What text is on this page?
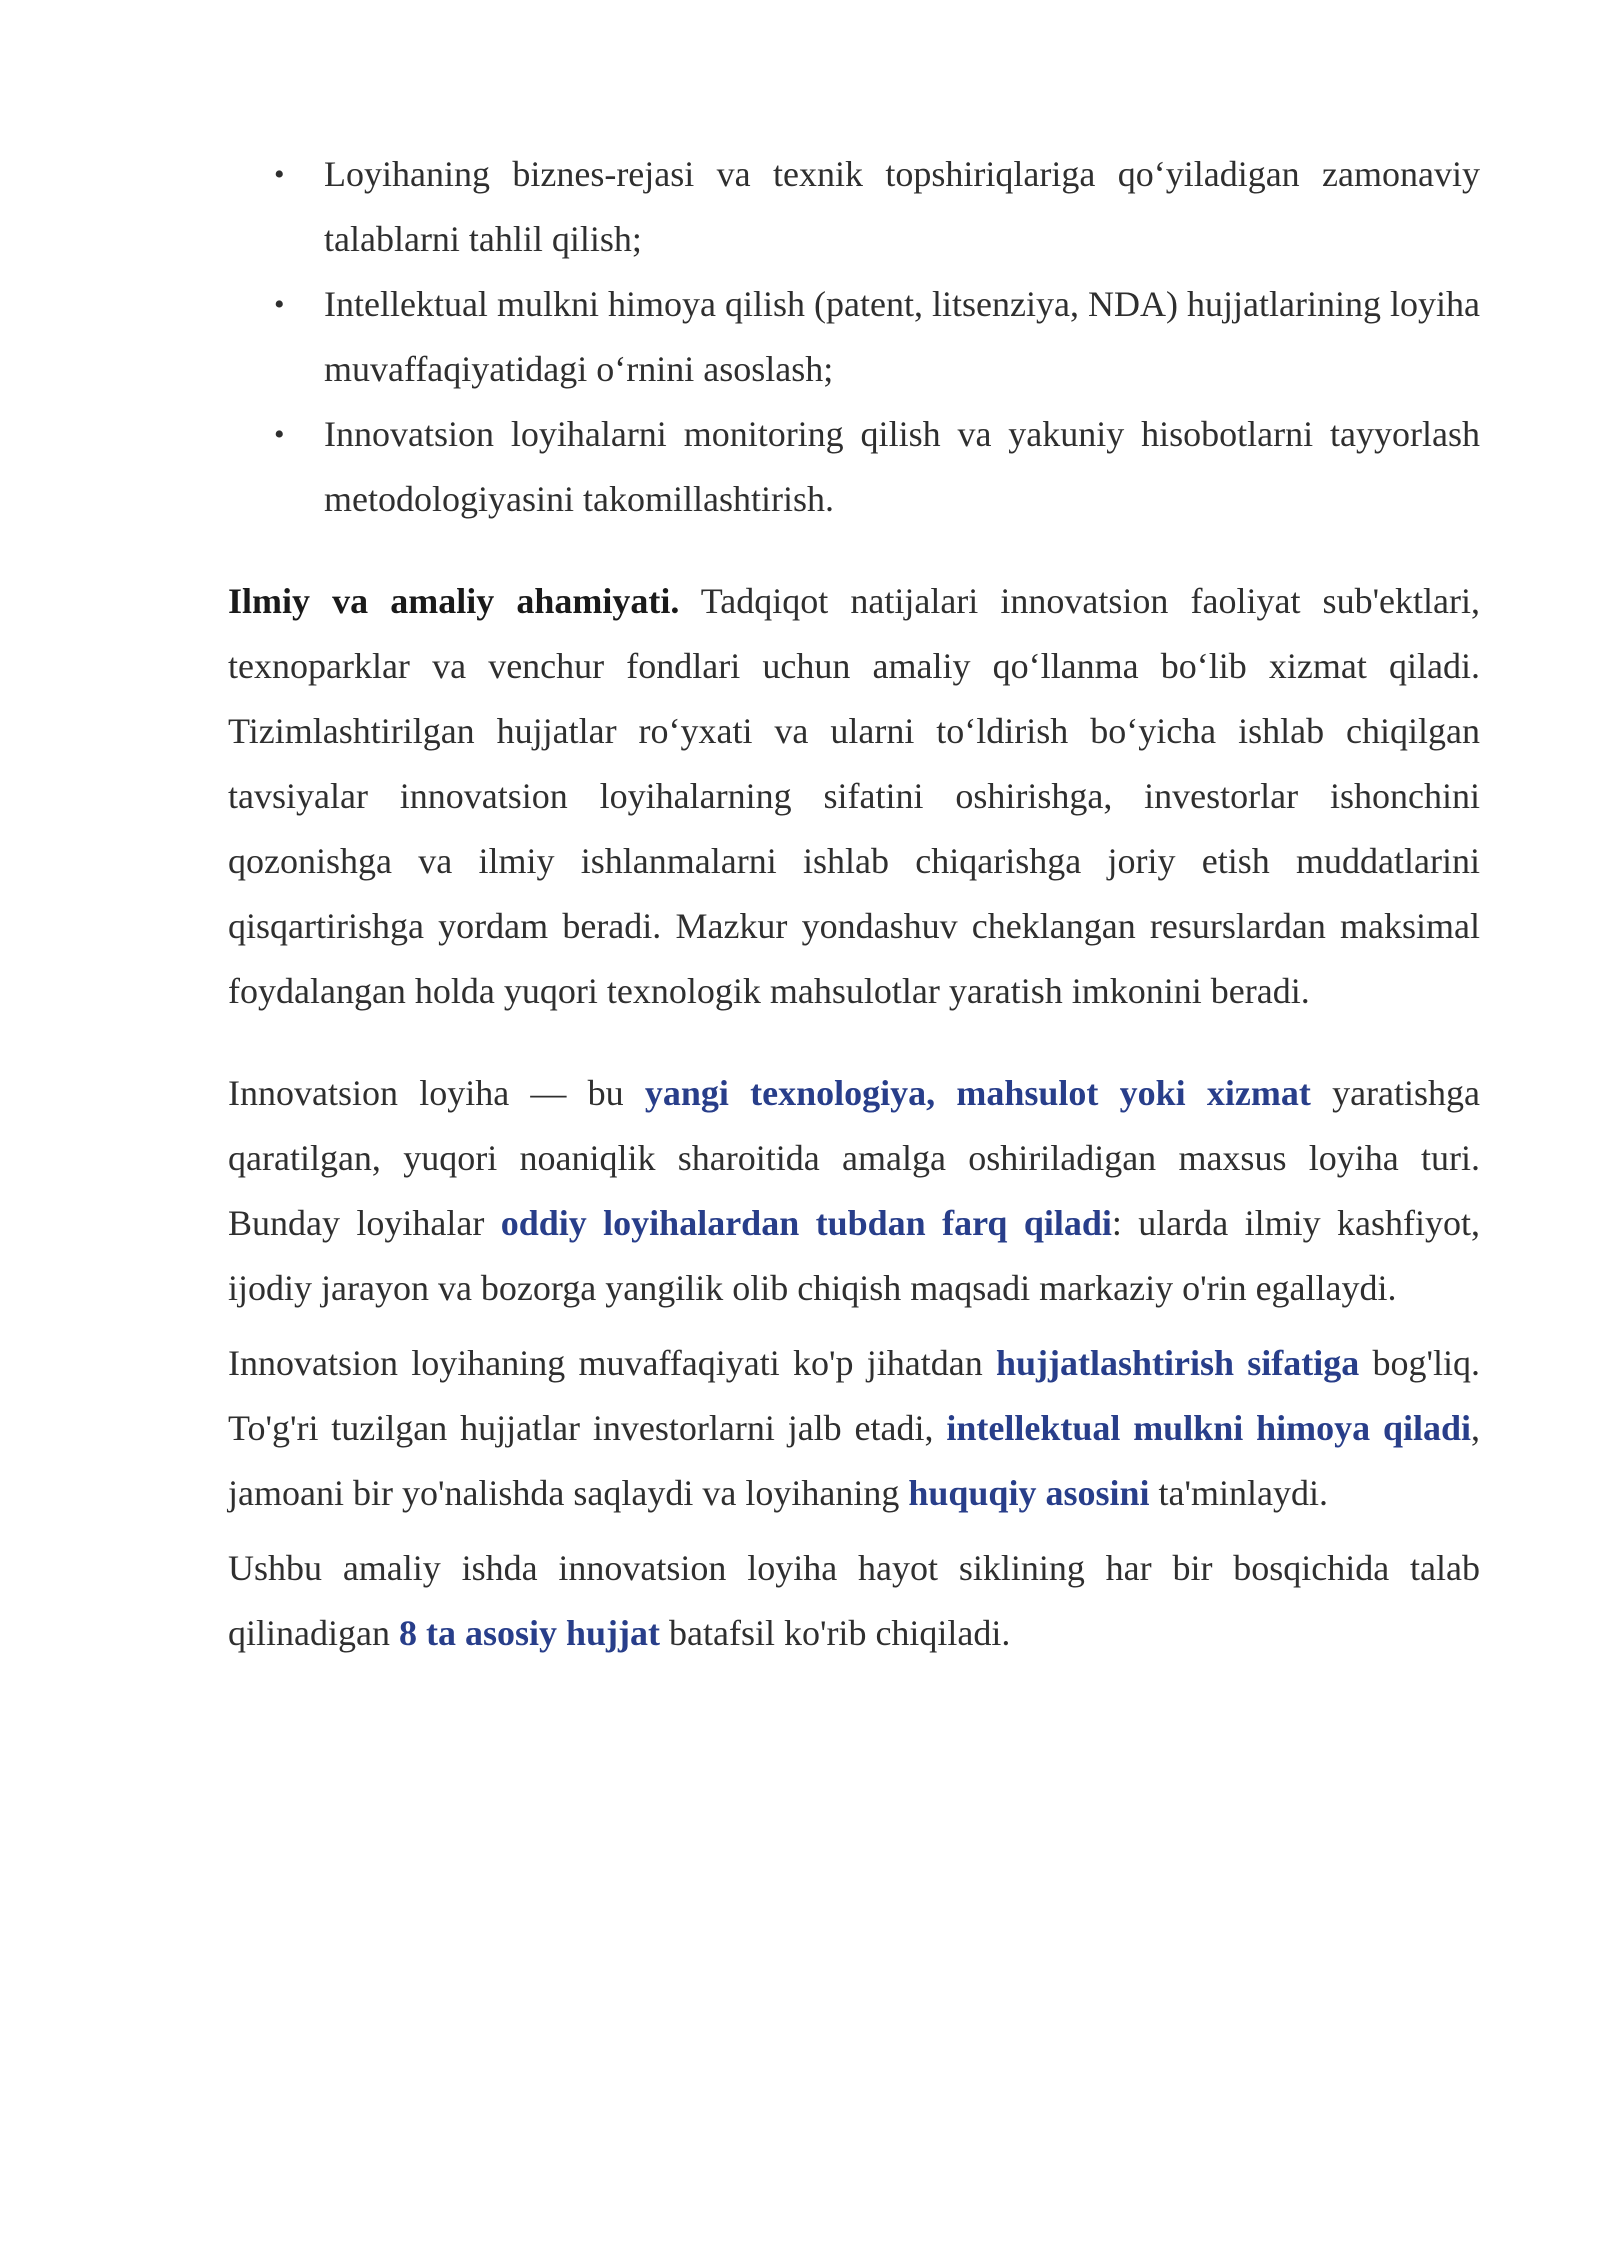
• Loyihaning biznes-rejasi va texnik topshiriqlariga qo‘yiladigan zamonaviy talablarni tahlil qilish;
• Intellektual mulkni himoya qilish (patent, litsenziya, NDA) hujjatlarining loyiha muvaffaqiyatidagi o‘rnini asoslash;
• Innovatsion loyihalarni monitoring qilish va yakuniy hisobotlarni tayyorlash metodologiyasini takomillashtirish.

Ilmiy va amaliy ahamiyati. Tadqiqot natijalari innovatsion faoliyat sub'ektlari, texnoparklar va venchur fondlari uchun amaliy qo‘llanma bo‘lib xizmat qiladi. Tizimlashtirilgan hujjatlar ro‘yxati va ularni to‘ldirish bo‘yicha ishlab chiqilgan tavsiyalar innovatsion loyihalarning sifatini oshirishga, investorlar ishonchini qozonishga va ilmiy ishlanmalarni ishlab chiqarishga joriy etish muddatlarini qisqartirishga yordam beradi. Mazkur yondashuv cheklangan resurslardan maksimal foydalangan holda yuqori texnologik mahsulotlar yaratish imkonini beradi.

Innovatsion loyiha — bu yangi texnologiya, mahsulot yoki xizmat yaratishga qaratilgan, yuqori noaniqlik sharoitida amalga oshiriladigan maxsus loyiha turi. Bunday loyihalar oddiy loyihalardan tubdan farq qiladi: ularda ilmiy kashfiyot, ijodiy jarayon va bozorga yangilik olib chiqish maqsadi markaziy o'rin egallaydi.

Innovatsion loyihaning muvaffaqiyati ko'p jihatdan hujjatlashtirish sifatiga bog'liq. To'g'ri tuzilgan hujjatlar investorlarni jalb etadi, intellektual mulkni himoya qiladi, jamoani bir yo'nalishda saqlaydi va loyihaning huquqiy asosini ta'minlaydi.

Ushbu amaliy ishda innovatsion loyiha hayot siklining har bir bosqichida talab qilinadigan 8 ta asosiy hujjat batafsil ko'rib chiqiladi.
